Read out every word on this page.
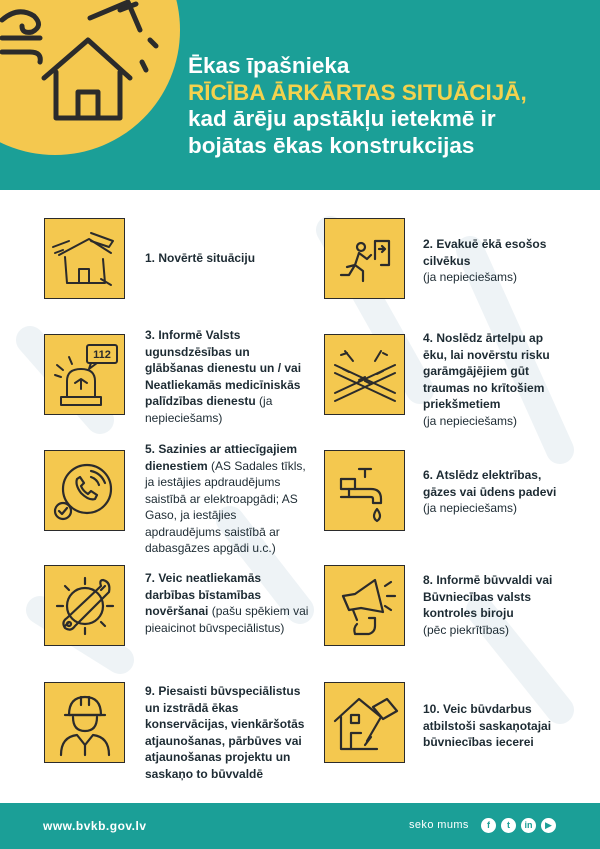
Ēkas īpašnieka
RĪCĪBA ĀRKĀRTAS SITUĀCIJĀ,
kad ārēju apstākļu ietekmē ir
bojātas ēkas konstrukcijas
1. Novērtē situāciju
2. Evakuē ēkā esošos cilvēkus
(ja nepieciešams)
112
3. Informē Valsts ugunsdzēsības un glābšanas dienestu un / vai Neatliekamās medicīniskās palīdzības dienestu (ja nepieciešams)
4. Noslēdz ārtelpu ap ēku, lai novērstu risku garāmgājējiem gūt traumas no krītošiem priekšmetiem
(ja nepieciešams)
5. Sazinies ar attiecīgajiem dienestiem (AS Sadales tīkls, ja iestājies apdraudējums saistībā ar elektroapgādi; AS Gaso, ja iestājies apdraudējums saistībā ar dabasgāzes apgādi u.c.)
6. Atslēdz elektrības, gāzes vai ūdens padevi
(ja nepieciešams)
7. Veic neatliekamās darbības bīstamības novēršanai (pašu spēkiem vai pieaicinot būvspeciālistus)
8. Informē būvvaldi vai Būvniecības valsts kontroles biroju
(pēc piekrītības)
9. Piesaisti būvspeciālistus un izstrādā ēkas konservācijas, vienkāršotās atjaunošanas, pārbūves vai atjaunošanas projektu un saskaņo to būvvaldē
10. Veic būvdarbus atbilstoši saskaņotajai būvniecības iecerei
www.bvkb.gov.lv	seko mums	f	t	in	▶
